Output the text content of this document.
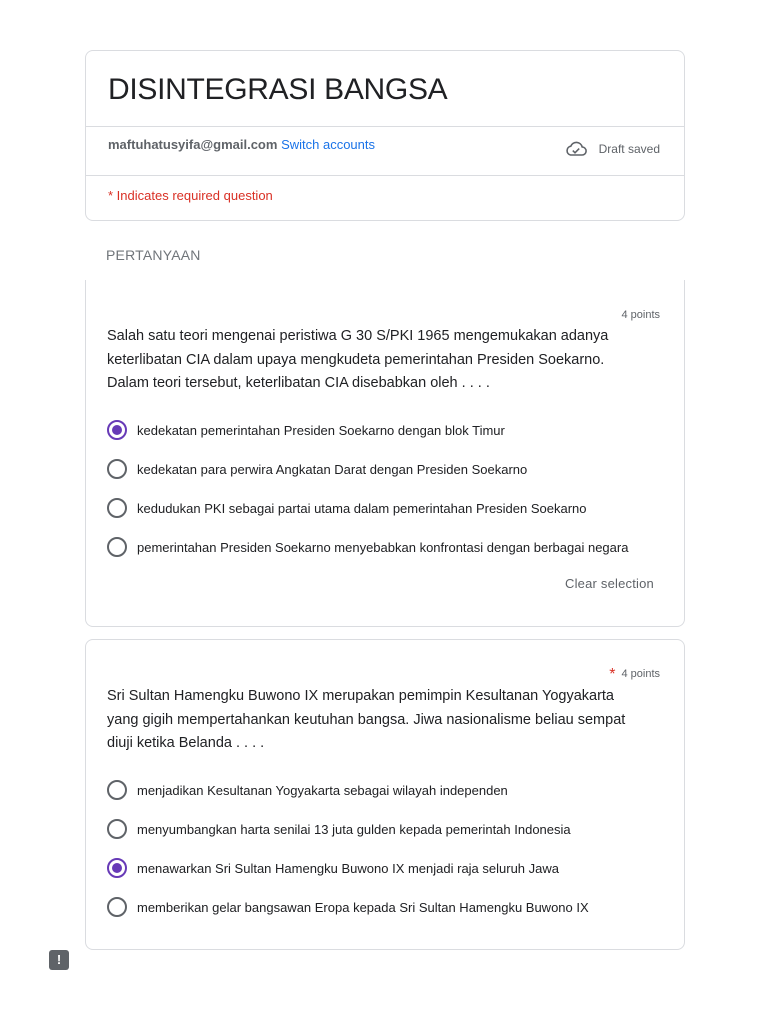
DISINTEGRASI BANGSA
maftuhatusyifa@gmail.com Switch accounts	Draft saved
* Indicates required question
PERTANYAAN
4 points
Salah satu teori mengenai peristiwa G 30 S/PKI 1965 mengemukakan adanya keterlibatan CIA dalam upaya mengkudeta pemerintahan Presiden Soekarno. Dalam teori tersebut, keterlibatan CIA disebabkan oleh . . . .
kedekatan pemerintahan Presiden Soekarno dengan blok Timur
kedekatan para perwira Angkatan Darat dengan Presiden Soekarno
kedudukan PKI sebagai partai utama dalam pemerintahan Presiden Soekarno
pemerintahan Presiden Soekarno menyebabkan konfrontasi dengan berbagai negara
Clear selection
* 4 points
Sri Sultan Hamengku Buwono IX merupakan pemimpin Kesultanan Yogyakarta yang gigih mempertahankan keutuhan bangsa. Jiwa nasionalisme beliau sempat diuji ketika Belanda . . . .
menjadikan Kesultanan Yogyakarta sebagai wilayah independen
menyumbangkan harta senilai 13 juta gulden kepada pemerintah Indonesia
menawarkan Sri Sultan Hamengku Buwono IX menjadi raja seluruh Jawa
memberikan gelar bangsawan Eropa kepada Sri Sultan Hamengku Buwono IX
!
